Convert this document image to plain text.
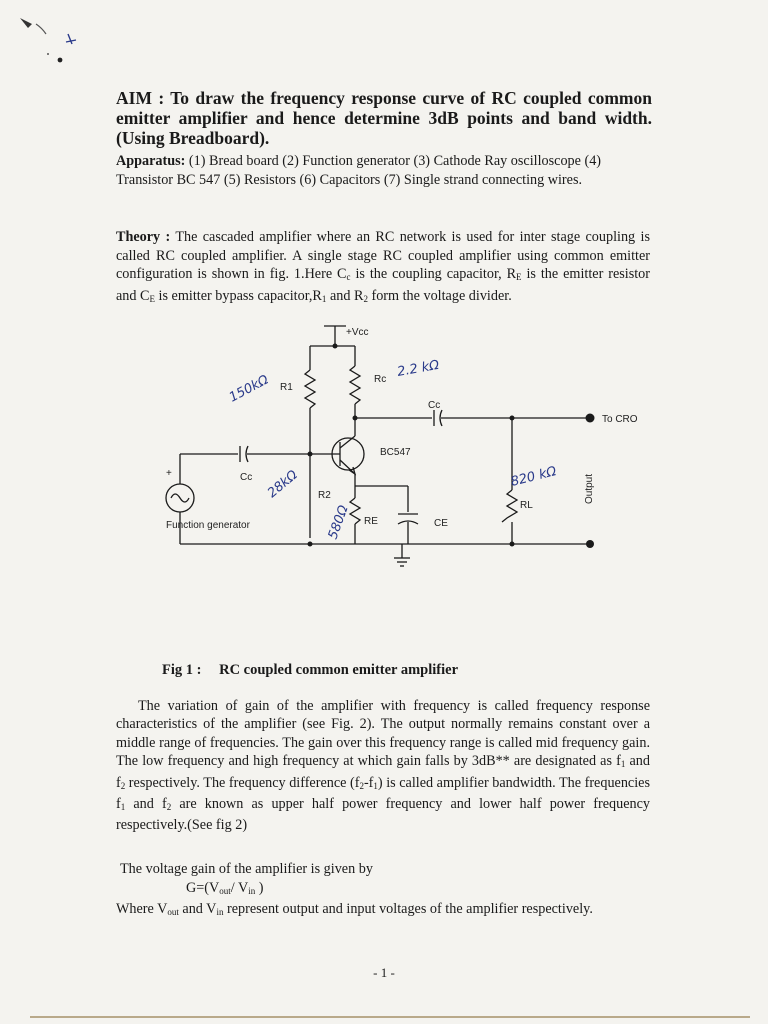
AIM : To draw the frequency response curve of RC coupled common emitter amplifier and hence determine 3dB points and band width. (Using Breadboard).
Apparatus: (1) Bread board (2) Function generator (3) Cathode Ray oscilloscope (4) Transistor BC 547 (5) Resistors (6) Capacitors (7) Single strand connecting wires.
Theory : The cascaded amplifier where an RC network is used for inter stage coupling is called RC coupled amplifier. A single stage RC coupled amplifier using common emitter configuration is shown in fig. 1.Here $C_c$ is the coupling capacitor, $R_E$ is the emitter resistor and $C_E$ is emitter bypass $capacitor,R_1$ and $R_2$ form the voltage divider.
+Vcc
R1
Rc
Cc
BC547
Cc
R2
RE	CE
RL
To CRO
Output
Function generator
+
150kΩ
2.2 kΩ
28kΩ
580Ω
820 kΩ
Fig 1 : RC coupled common emitter amplifier
The variation of gain of the amplifier with frequency is called frequency response characteristics of the amplifier (see Fig. 2). The output normally remains constant over a middle range of frequencies. The gain over this frequency range is called mid frequency gain. The low frequency and high frequency at which gain falls by 3dB** are designated as $f_1$ and $f_2$ respectively. The frequency difference $(f_2-f_1)$ is called amplifier bandwidth. The frequencies $f_1$ and $f_2$ are known as upper half power frequency and lower half power frequency respectively.(See fig 2)
The voltage gain of the amplifier is given by
$G=(V_{out}/$ $V_{in}$ )
Where $V_{out}$ and $V_{in}$ represent output and input voltages of the amplifier respectively.
- 1 -
